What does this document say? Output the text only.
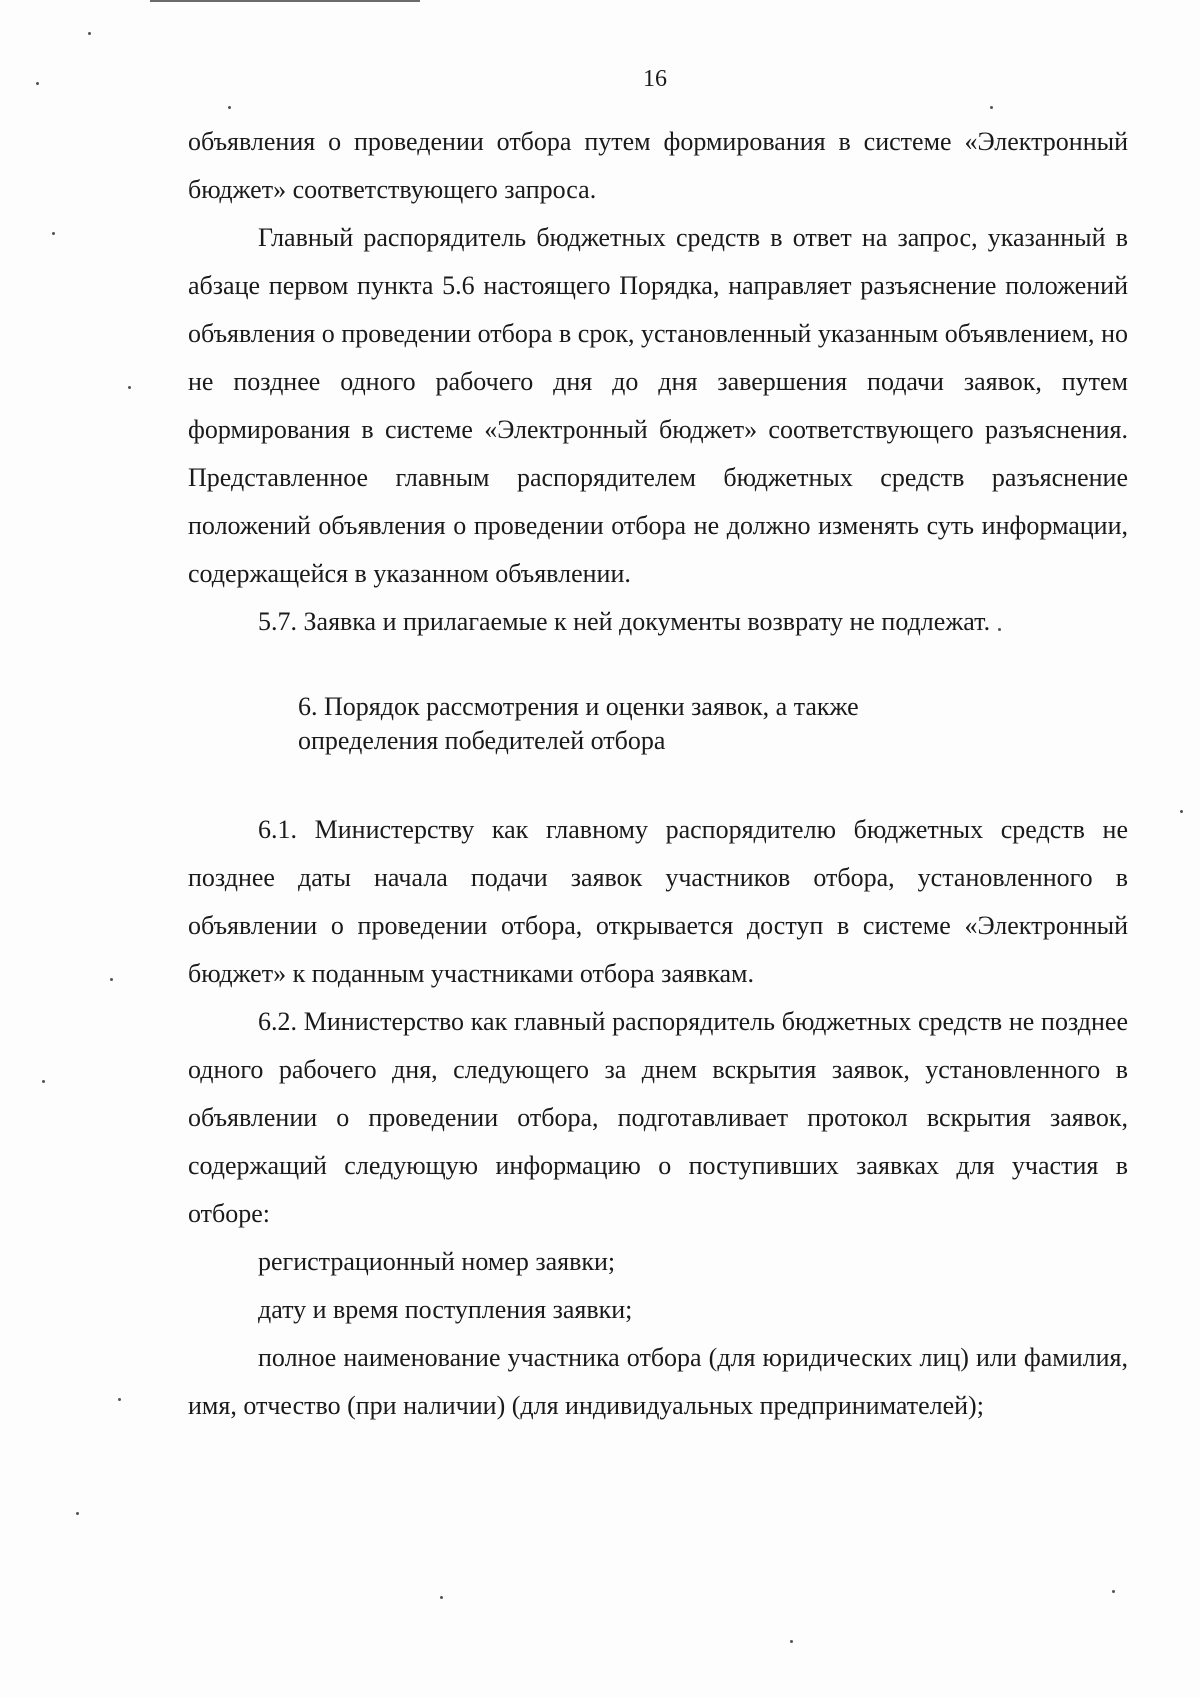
16

объявления о проведении отбора путем формирования в системе «Электронный бюджет» соответствующего запроса.

Главный распорядитель бюджетных средств в ответ на запрос, указанный в абзаце первом пункта 5.6 настоящего Порядка, направляет разъяснение положений объявления о проведении отбора в срок, установленный указанным объявлением, но не позднее одного рабочего дня до дня завершения подачи заявок, путем формирования в системе «Электронный бюджет» соответствующего разъяснения. Представленное главным распорядителем бюджетных средств разъяснение положений объявления о проведении отбора не должно изменять суть информации, содержащейся в указанном объявлении.

5.7. Заявка и прилагаемые к ней документы возврату не подлежат.

6. Порядок рассмотрения и оценки заявок, а также
определения победителей отбора

6.1. Министерству как главному распорядителю бюджетных средств не позднее даты начала подачи заявок участников отбора, установленного в объявлении о проведении отбора, открывается доступ в системе «Электронный бюджет» к поданным участниками отбора заявкам.

6.2. Министерство как главный распорядитель бюджетных средств не позднее одного рабочего дня, следующего за днем вскрытия заявок, установленного в объявлении о проведении отбора, подготавливает протокол вскрытия заявок, содержащий следующую информацию о поступивших заявках для участия в отборе:

регистрационный номер заявки;

дату и время поступления заявки;

полное наименование участника отбора (для юридических лиц) или фамилия, имя, отчество (при наличии) (для индивидуальных предпринимателей);
